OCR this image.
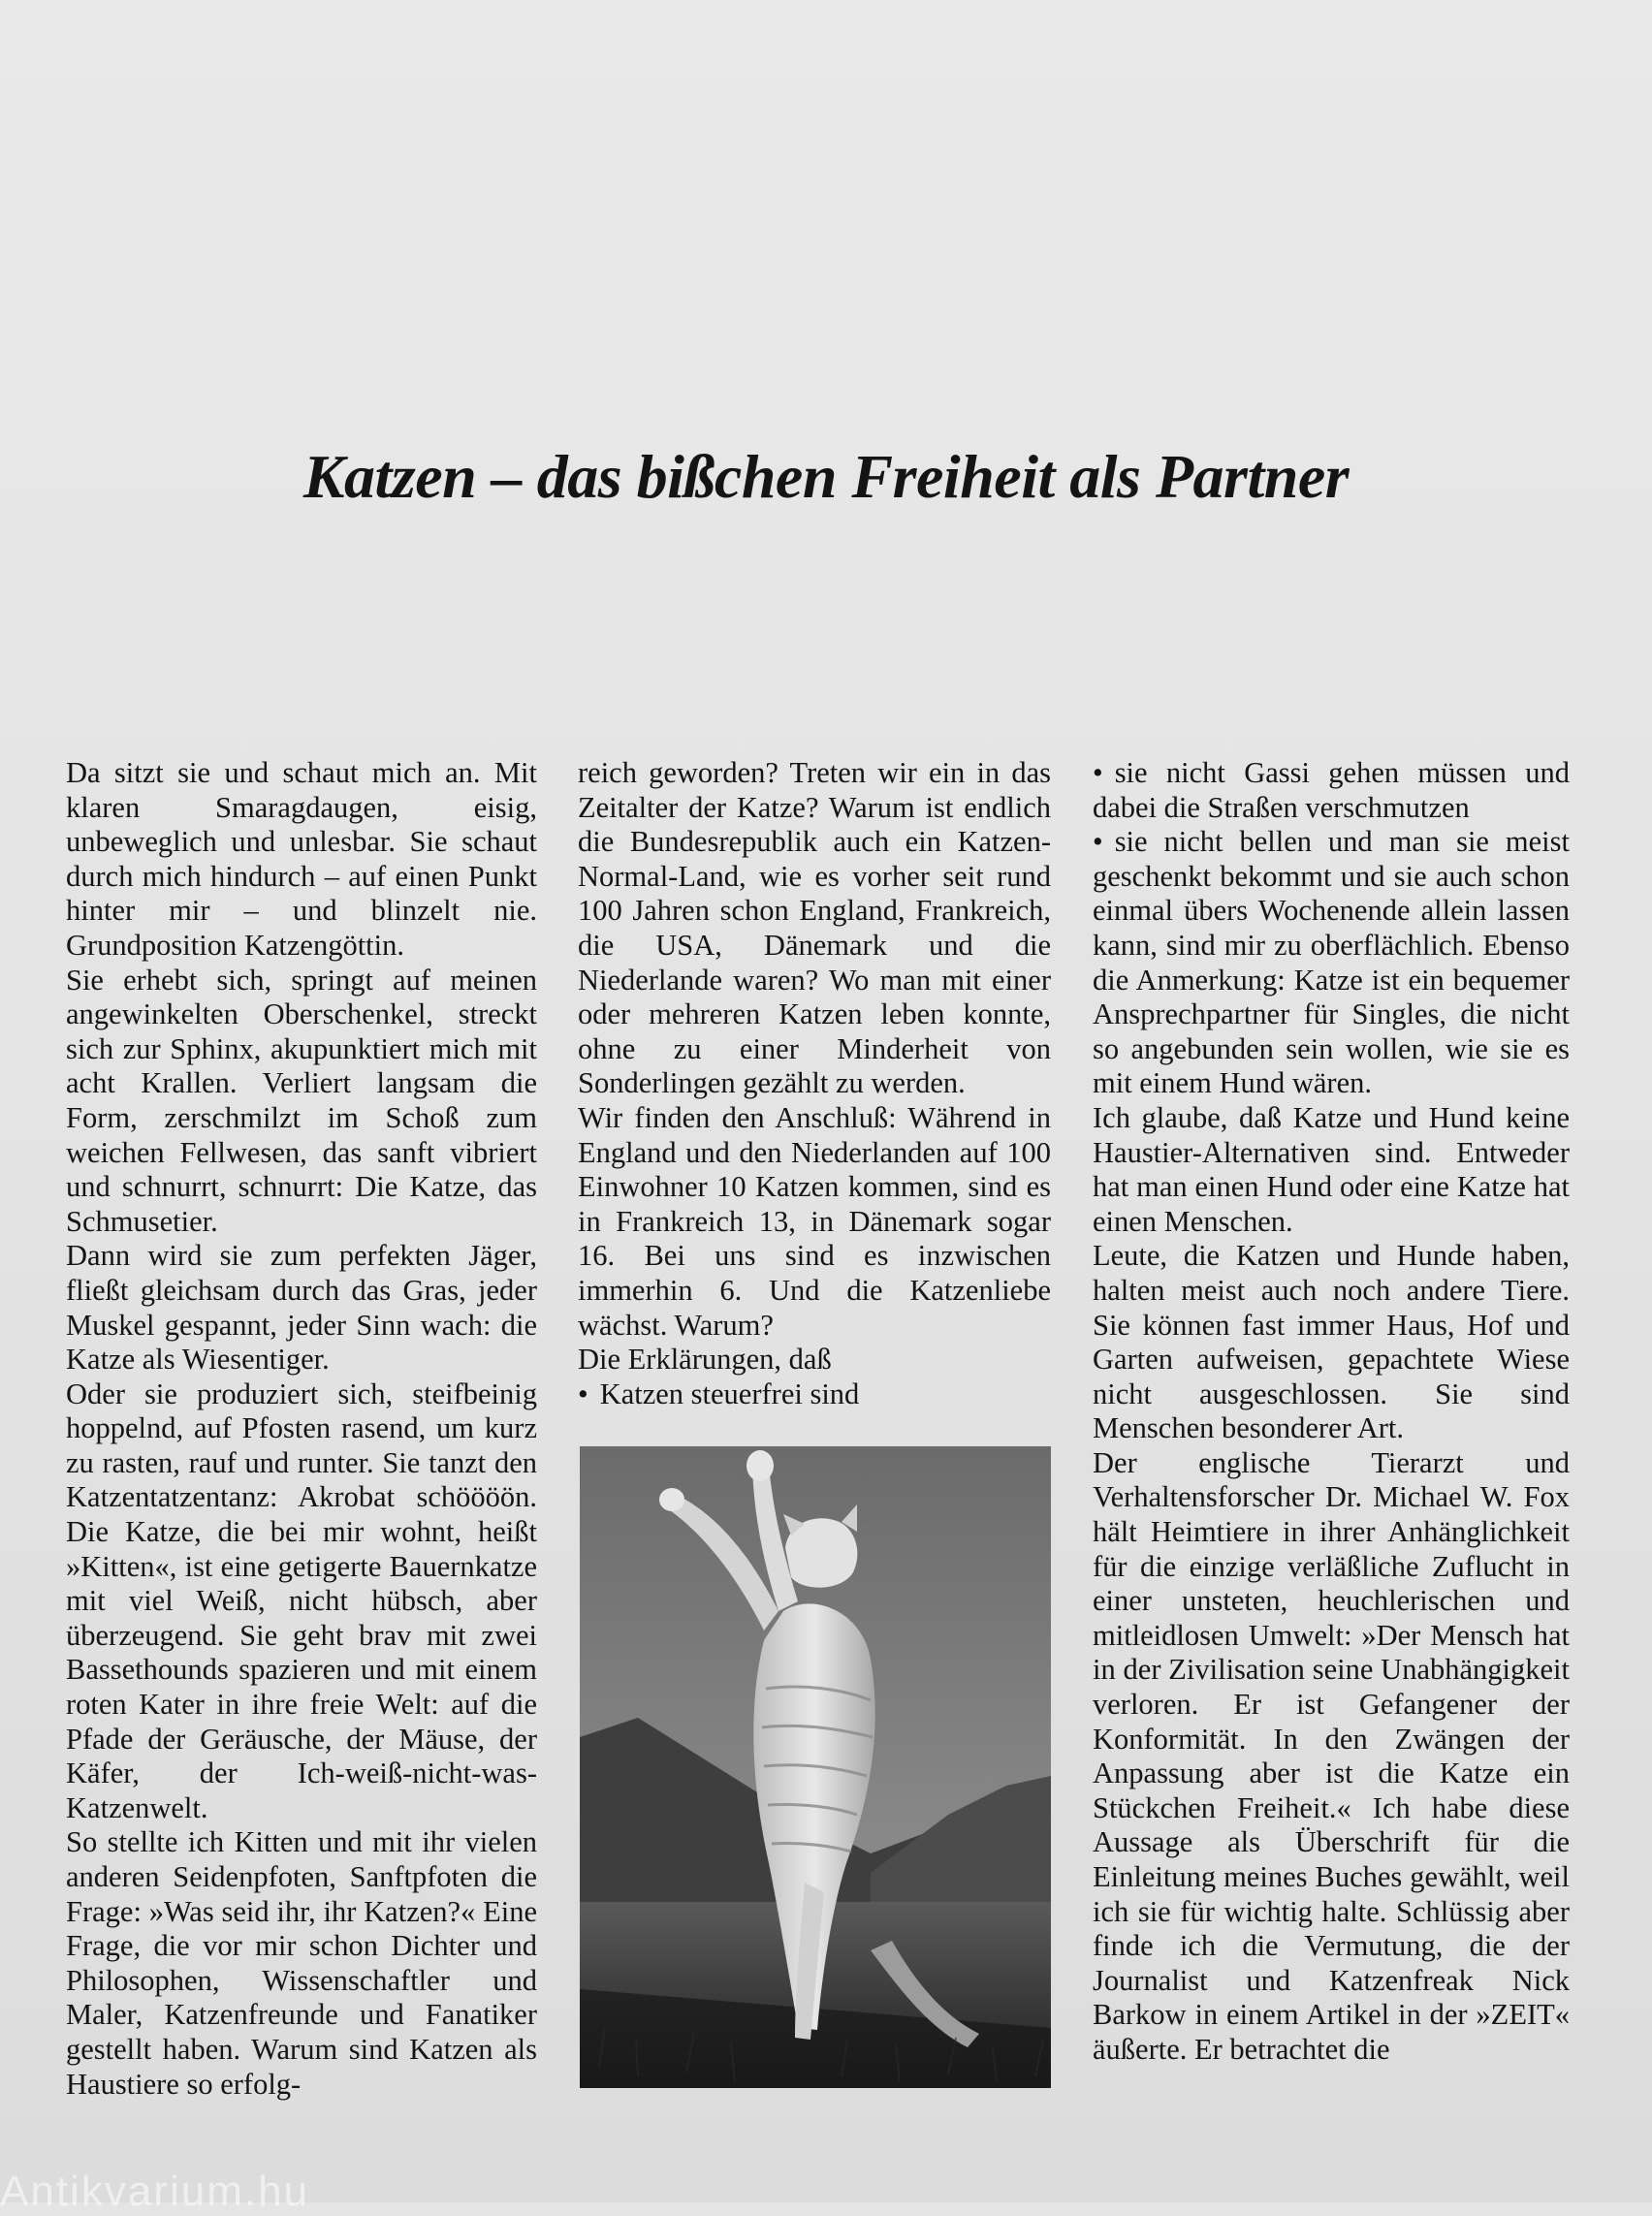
Katzen – das bißchen Freiheit als Partner

Da sitzt sie und schaut mich an. Mit klaren Smaragdaugen, eisig, unbeweglich und unlesbar. Sie schaut durch mich hindurch – auf einen Punkt hinter mir – und blinzelt nie. Grundposition Katzengöttin.

Sie erhebt sich, springt auf meinen angewinkelten Oberschenkel, streckt sich zur Sphinx, akupunktiert mich mit acht Krallen. Verliert langsam die Form, zerschmilzt im Schoß zum weichen Fellwesen, das sanft vibriert und schnurrt, schnurrt: Die Katze, das Schmusetier.

Dann wird sie zum perfekten Jäger, fließt gleichsam durch das Gras, jeder Muskel gespannt, jeder Sinn wach: die Katze als Wiesentiger.

Oder sie produziert sich, steifbeinig hoppelnd, auf Pfosten rasend, um kurz zu rasten, rauf und runter. Sie tanzt den Katzentatzentanz: Akrobat schöööön. Die Katze, die bei mir wohnt, heißt »Kitten«, ist eine getigerte Bauernkatze mit viel Weiß, nicht hübsch, aber überzeugend. Sie geht brav mit zwei Bassethounds spazieren und mit einem roten Kater in ihre freie Welt: auf die Pfade der Geräusche, der Mäuse, der Käfer, der Ich-weiß-nicht-was-Katzenwelt.

So stellte ich Kitten und mit ihr vielen anderen Seidenpfoten, Sanftpfoten die Frage: »Was seid ihr, ihr Katzen?« Eine Frage, die vor mir schon Dichter und Philosophen, Wissenschaftler und Maler, Katzenfreunde und Fanatiker gestellt haben. Warum sind Katzen als Haustiere so erfolg-

reich geworden? Treten wir ein in das Zeitalter der Katze? Warum ist endlich die Bundesrepublik auch ein Katzen-Normal-Land, wie es vorher seit rund 100 Jahren schon England, Frankreich, die USA, Dänemark und die Niederlande waren? Wo man mit einer oder mehreren Katzen leben konnte, ohne zu einer Minderheit von Sonderlingen gezählt zu werden.

Wir finden den Anschluß: Während in England und den Niederlanden auf 100 Einwohner 10 Katzen kommen, sind es in Frankreich 13, in Dänemark sogar 16. Bei uns sind es inzwischen immerhin 6. Und die Katzenliebe wächst. Warum?

Die Erklärungen, daß

• Katzen steuerfrei sind

• sie nicht Gassi gehen müssen und dabei die Straßen verschmutzen

• sie nicht bellen und man sie meist geschenkt bekommt und sie auch schon einmal übers Wochenende allein lassen kann, sind mir zu oberflächlich. Ebenso die Anmerkung: Katze ist ein bequemer Ansprechpartner für Singles, die nicht so angebunden sein wollen, wie sie es mit einem Hund wären.

Ich glaube, daß Katze und Hund keine Haustier-Alternativen sind. Entweder hat man einen Hund oder eine Katze hat einen Menschen.

Leute, die Katzen und Hunde haben, halten meist auch noch andere Tiere. Sie können fast immer Haus, Hof und Garten aufweisen, gepachtete Wiese nicht ausgeschlossen. Sie sind Menschen besonderer Art.

Der englische Tierarzt und Verhaltensforscher Dr. Michael W. Fox hält Heimtiere in ihrer Anhänglichkeit für die einzige verläßliche Zuflucht in einer unsteten, heuchlerischen und mitleidlosen Umwelt: »Der Mensch hat in der Zivilisation seine Unabhängigkeit verloren. Er ist Gefangener der Konformität. In den Zwängen der Anpassung aber ist die Katze ein Stückchen Freiheit.« Ich habe diese Aussage als Überschrift für die Einleitung meines Buches gewählt, weil ich sie für wichtig halte. Schlüssig aber finde ich die Vermutung, die der Journalist und Katzenfreak Nick Barkow in einem Artikel in der »ZEIT« äußerte. Er betrachtet die

Antikvarium.hu
